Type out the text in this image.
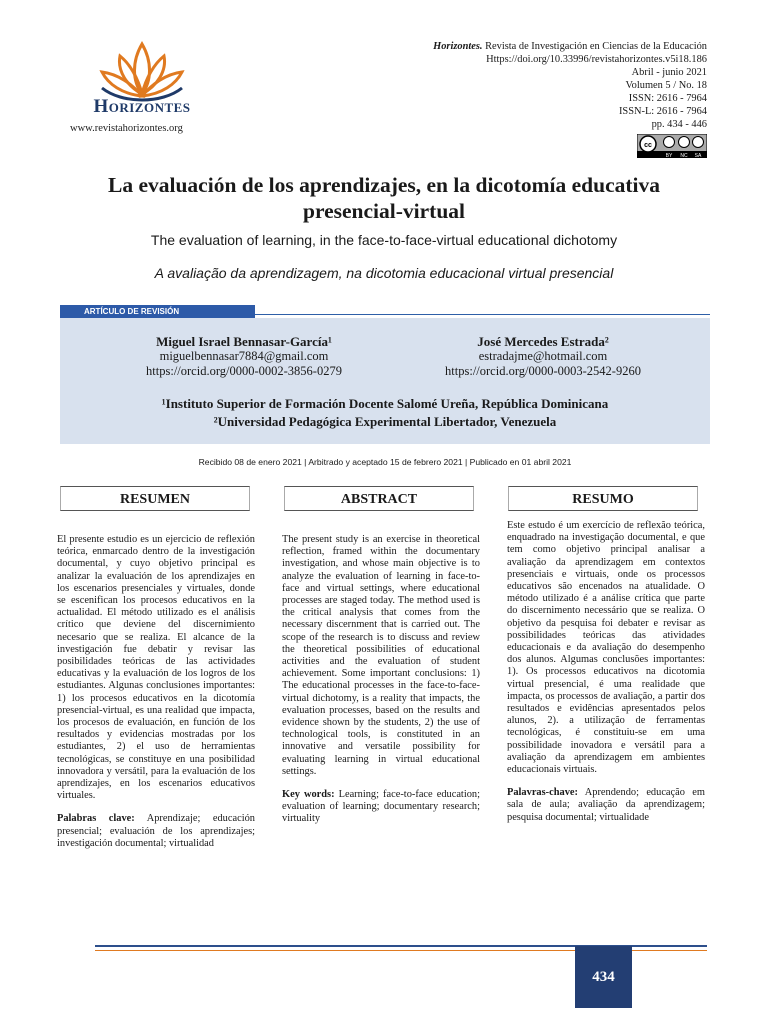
Horizontes
www.revistahorizontes.org
Horizontes. Revista de Investigación en Ciencias de la Educación
Https://doi.org/10.33996/revistahorizontes.v5i18.186
Abril - junio 2021
Volumen 5 / No. 18
ISSN: 2616 - 7964
ISSN-L: 2616 - 7964
pp. 434 - 446
cc
BY NC SA
La evaluación de los aprendizajes, en la dicotomía educativa presencial-virtual
The evaluation of learning, in the face-to-face-virtual educational dichotomy
A avaliação da aprendizagem, na dicotomia educacional virtual presencial
ARTÍCULO DE REVISIÓN
Miguel Israel Bennasar-García¹
miguelbennasar7884@gmail.com
https://orcid.org/0000-0002-3856-0279
José Mercedes Estrada²
estradajme@hotmail.com
https://orcid.org/0000-0003-2542-9260
¹Instituto Superior de Formación Docente Salomé Ureña, República Dominicana
²Universidad Pedagógica Experimental Libertador, Venezuela
Recibido 08 de enero 2021 | Arbitrado y aceptado 15 de febrero 2021 | Publicado en 01 abril 2021
RESUMEN	ABSTRACT	RESUMO

El presente estudio es un ejercicio de reflexión teórica, enmarcado dentro de la investigación documental, y cuyo objetivo principal es analizar la evaluación de los aprendizajes en los escenarios presenciales y virtuales, donde se escenifican los procesos educativos en la actualidad. El método utilizado es el análisis crítico que deviene del discernimiento necesario que se realiza. El alcance de la investigación fue debatir y revisar las posibilidades teóricas de las actividades educativas y la evaluación de los logros de los estudiantes. Algunas conclusiones importantes: 1) los procesos educativos en la dicotomía presencial-virtual, es una realidad que impacta, los procesos de evaluación, en función de los resultados y evidencias mostradas por los estudiantes, 2) el uso de herramientas tecnológicas, se constituye en una posibilidad innovadora y versátil, para la evaluación de los aprendizajes, en los escenarios educativos virtuales.

Palabras clave: Aprendizaje; educación presencial; evaluación de los aprendizajes; investigación documental; virtualidad

The present study is an exercise in theoretical reflection, framed within the documentary investigation, and whose main objective is to analyze the evaluation of learning in face-to-face and virtual settings, where educational processes are staged today. The method used is the critical analysis that comes from the necessary discernment that is carried out. The scope of the research is to discuss and review the theoretical possibilities of educational activities and the evaluation of student achievement. Some important conclusions: 1) The educational processes in the face-to-face-virtual dichotomy, is a reality that impacts, the evaluation processes, based on the results and evidence shown by the students, 2) the use of technological tools, is constituted in an innovative and versatile possibility for evaluating learning in virtual educational settings.

Key words: Learning; face-to-face education; evaluation of learning; documentary research; virtuality

Este estudo é um exercício de reflexão teórica, enquadrado na investigação documental, e que tem como objetivo principal analisar a avaliação da aprendizagem em contextos presenciais e virtuais, onde os processos educativos são encenados na atualidade. O método utilizado é a análise crítica que parte do discernimento necessário que se realiza. O objetivo da pesquisa foi debater e revisar as possibilidades teóricas das atividades educacionais e da avaliação do desempenho dos alunos. Algumas conclusões importantes: 1). Os processos educativos na dicotomia virtual presencial, é uma realidade que impacta, os processos de avaliação, a partir dos resultados e evidências apresentados pelos alunos, 2). a utilização de ferramentas tecnológicas, é constituiu-se em uma possibilidade inovadora e versátil para a avaliação da aprendizagem em ambientes educacionais virtuais.

Palavras-chave: Aprendendo; educação em sala de aula; avaliação da aprendizagem; pesquisa documental; virtualidade

434
